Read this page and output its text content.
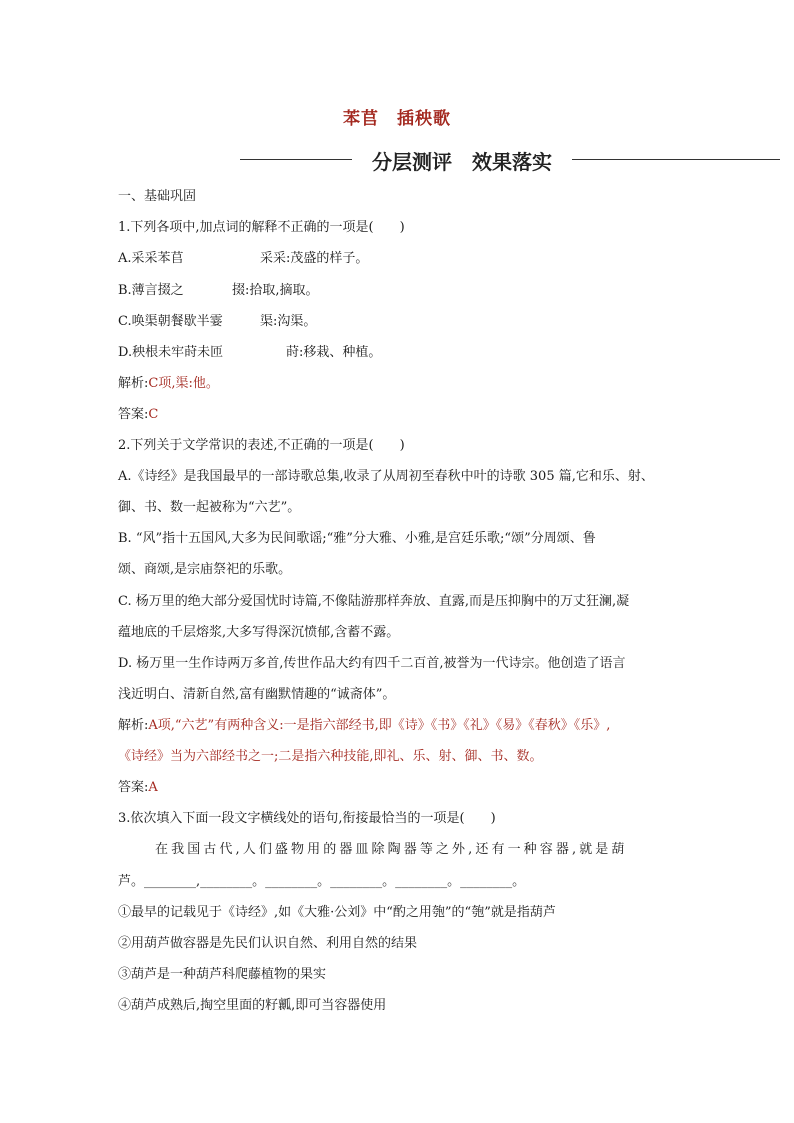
苯苢　插秧歌
分层测评　效果落实
一、基础巩固
1.下列各项中,加点词的解释不正确的一项是(　　)
A.采采苯苢	采采:茂盛的样子。
B.薄言掇之	掇:拾取,摘取。
C.唤渠朝餐歇半霎	渠:沟渠。
D.秧根未牢莳未匝	莳:移栽、种植。
解析:C项,渠:他。
答案:C
2.下列关于文学常识的表述,不正确的一项是(　　)
A.《诗经》是我国最早的一部诗歌总集,收录了从周初至春秋中叶的诗歌 305 篇,它和乐、射、
御、书、数一起被称为“六艺”。
B. “风”指十五国风,大多为民间歌谣;“雅”分大雅、小雅,是宫廷乐歌;“颂”分周颂、鲁
颂、商颂,是宗庙祭祀的乐歌。
C. 杨万里的绝大部分爱国忧时诗篇,不像陆游那样奔放、直露,而是压抑胸中的万丈狂澜,凝
蕴地底的千层熔浆,大多写得深沉愤郁,含蓄不露。
D. 杨万里一生作诗两万多首,传世作品大约有四千二百首,被誉为一代诗宗。他创造了语言
浅近明白、清新自然,富有幽默情趣的“诚斋体”。
解析:A项,“六艺”有两种含义:一是指六部经书,即《诗》《书》《礼》《易》《春秋》《乐》,
《诗经》当为六部经书之一;二是指六种技能,即礼、乐、射、御、书、数。
答案:A
3.依次填入下面一段文字横线处的语句,衔接最恰当的一项是(　　)
在我国古代,人们盛物用的器皿除陶器等之外,还有一种容器,就是葫
芦。________,________。________。________。________。________。
①最早的记载见于《诗经》,如《大雅·公刘》中“酌之用匏”的“匏”就是指葫芦
②用葫芦做容器是先民们认识自然、利用自然的结果
③葫芦是一种葫芦科爬藤植物的果实
④葫芦成熟后,掏空里面的籽瓤,即可当容器使用
